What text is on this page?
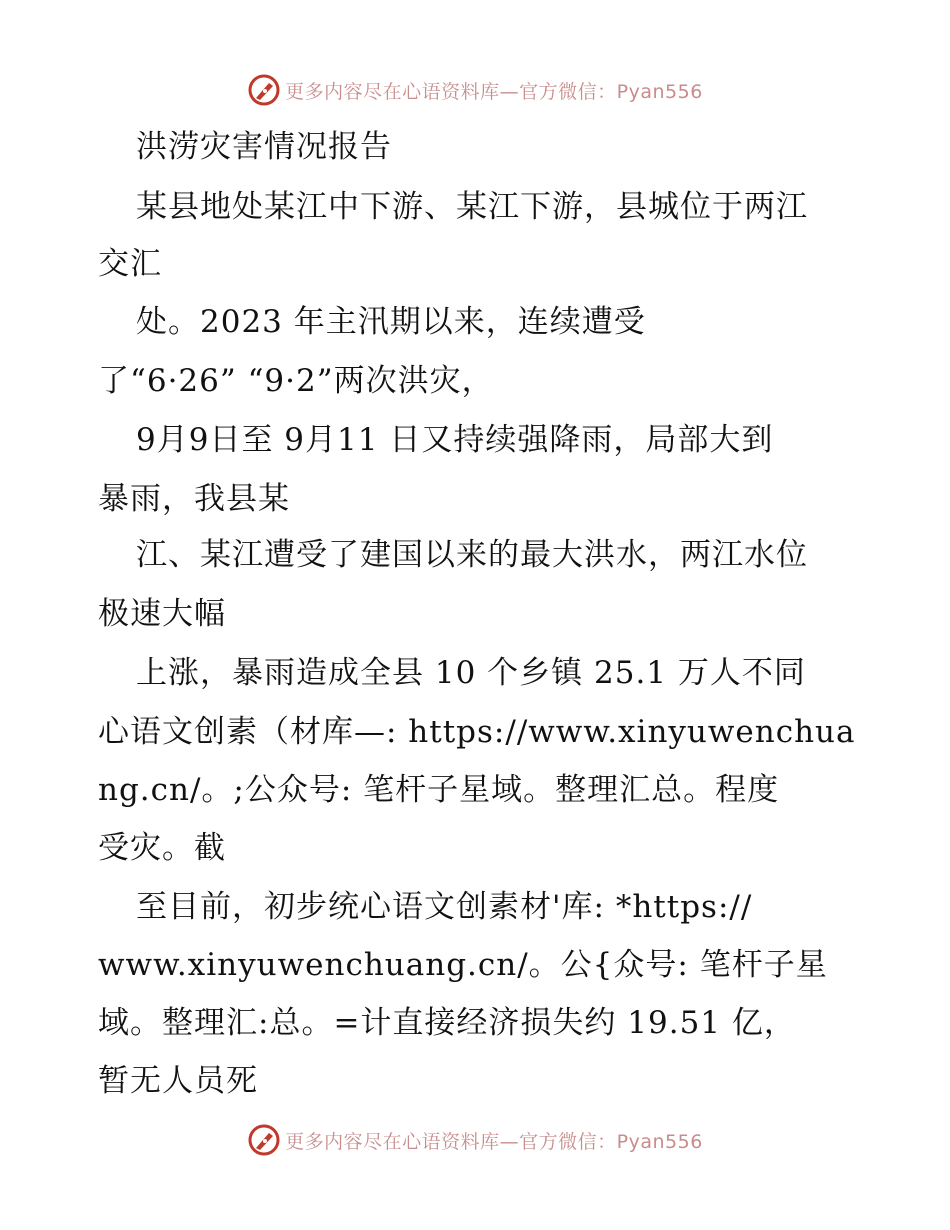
更多内容尽在心语资料库—官方微信：Pyan556
洪涝灾害情况报告
某县地处某江中下游、某江下游，县城位于两江
交汇
处。2023 年主汛期以来，连续遭受
了“6·26” “9·2”两次洪灾，
9月9日至 9月11 日又持续强降雨，局部大到
暴雨，我县某
江、某江遭受了建国以来的最大洪水，两江水位
极速大幅
上涨，暴雨造成全县 10 个乡镇 25.1 万人不同
心语文创素（材库—: https://www.xinyuwenchua
ng.cn/。;公众号: 笔杆子星域。整理汇总。程度
受灾。截
至目前，初步统心语文创素材'库: *https://
www.xinyuwenchuang.cn/。公{众号: 笔杆子星
域。整理汇:总。=计直接经济损失约 19.51 亿，
暂无人员死
更多内容尽在心语资料库—官方微信：Pyan556
